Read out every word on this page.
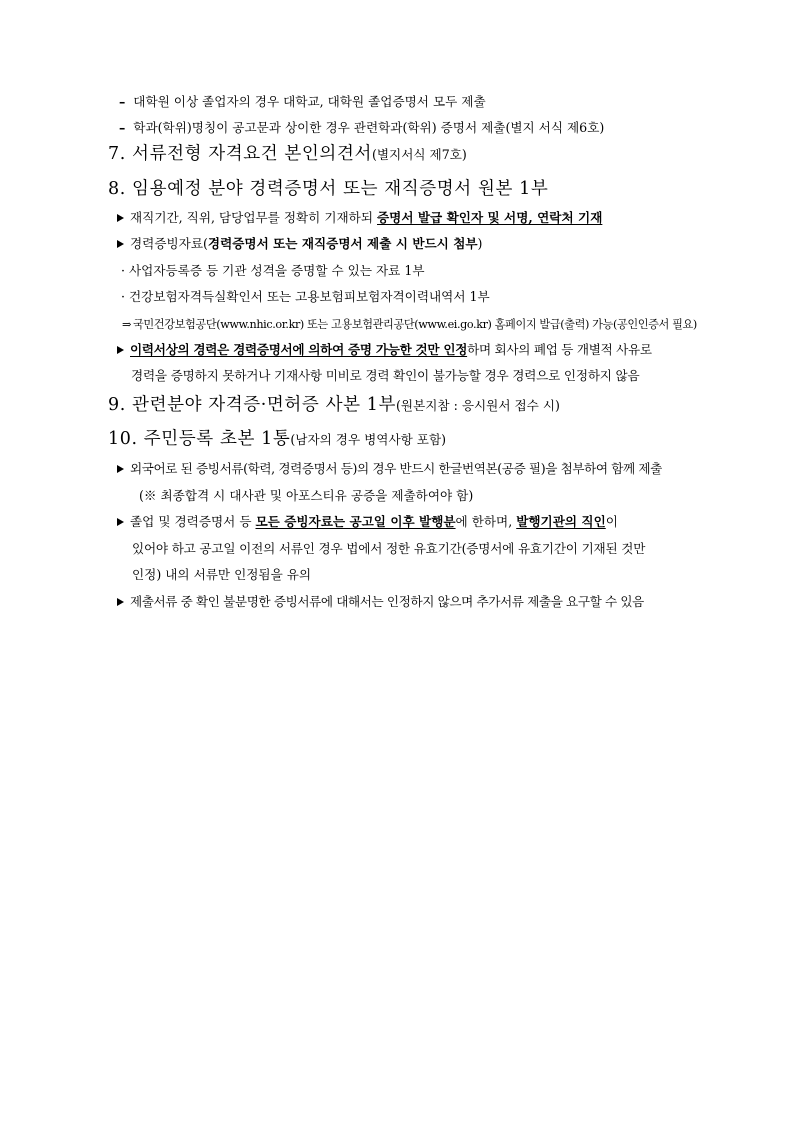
– 대학원 이상 졸업자의 경우 대학교, 대학원 졸업증명서 모두 제출
– 학과(학위)명칭이 공고문과 상이한 경우 관련학과(학위) 증명서 제출(별지 서식 제6호)
7. 서류전형 자격요건 본인의견서(별지서식 제7호)
8. 임용예정 분야 경력증명서 또는 재직증명서 원본 1부
재직기간, 직위, 담당업무를 정확히 기재하되 증명서 발급 확인자 및 서명, 연락처 기재
경력증빙자료(경력증명서 또는 재직증명서 제출 시 반드시 첨부)
· 사업자등록증 등 기관 성격을 증명할 수 있는 자료 1부
· 건강보험자격득실확인서 또는 고용보험피보험자격이력내역서 1부
⇒ 국민건강보험공단(www.nhic.or.kr) 또는 고용보험관리공단(www.ei.go.kr) 홈페이지 발급(출력) 가능(공인인증서 필요)
이력서상의 경력은 경력증명서에 의하여 증명 가능한 것만 인정하며 회사의 폐업 등 개별적 사유로
경력을 증명하지 못하거나 기재사항 미비로 경력 확인이 불가능할 경우 경력으로 인정하지 않음
9. 관련분야 자격증·면허증 사본 1부(원본지참 : 응시원서 접수 시)
10. 주민등록 초본 1통(남자의 경우 병역사항 포함)
외국어로 된 증빙서류(학력, 경력증명서 등)의 경우 반드시 한글번역본(공증 필)을 첨부하여 함께 제출
(※ 최종합격 시 대사관 및 아포스티유 공증을 제출하여야 함)
졸업 및 경력증명서 등 모든 증빙자료는 공고일 이후 발행분에 한하며, 발행기관의 직인이
있어야 하고 공고일 이전의 서류인 경우 법에서 정한 유효기간(증명서에 유효기간이 기재된 것만
인정) 내의 서류만 인정됨을 유의
제출서류 중 확인 불분명한 증빙서류에 대해서는 인정하지 않으며 추가서류 제출을 요구할 수 있음
